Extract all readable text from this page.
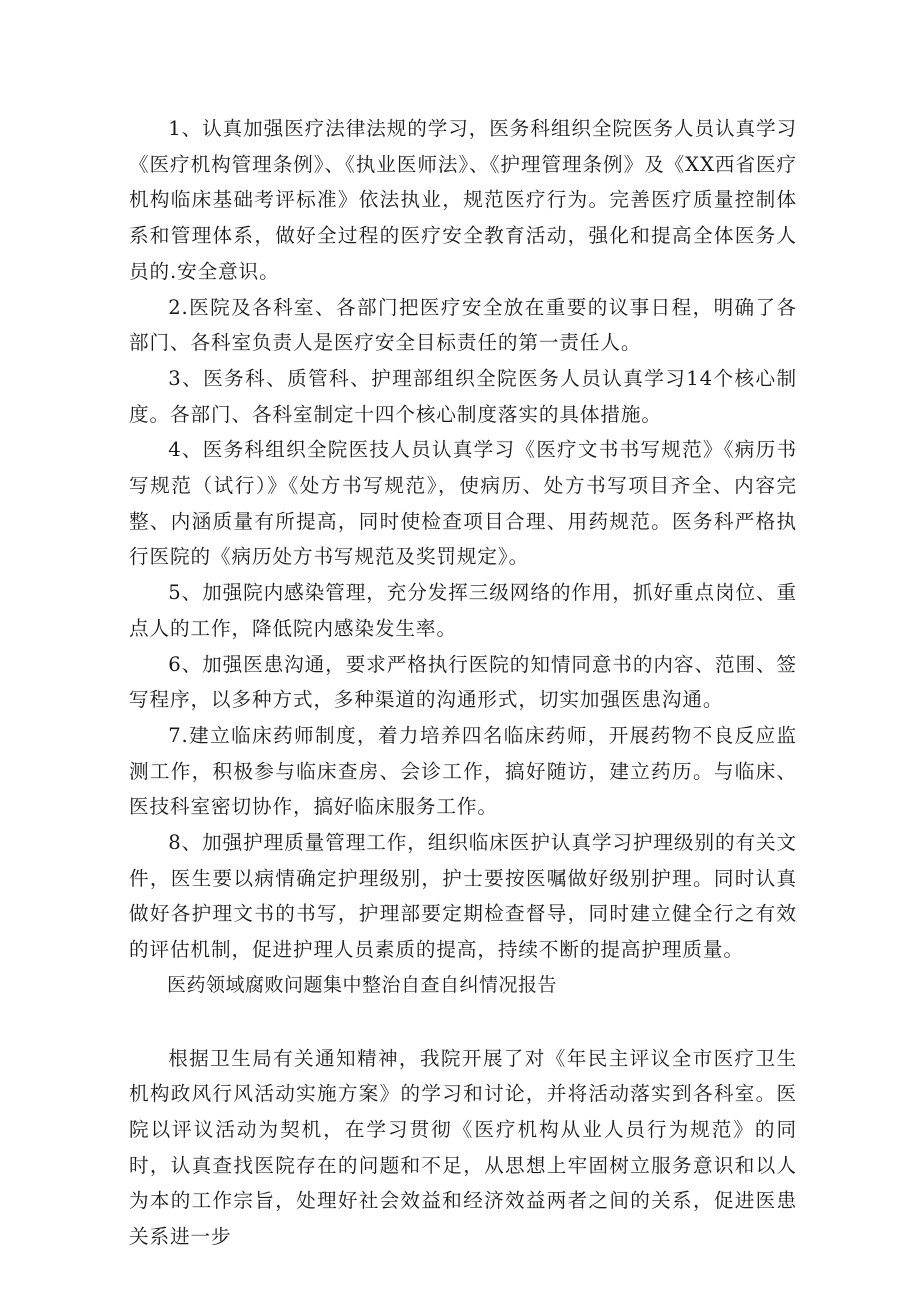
1、认真加强医疗法律法规的学习，医务科组织全院医务人员认真学习《医疗机构管理条例》、《执业医师法》、《护理管理条例》及《XX西省医疗机构临床基础考评标准》依法执业，规范医疗行为。完善医疗质量控制体系和管理体系，做好全过程的医疗安全教育活动，强化和提高全体医务人员的.安全意识。

2.医院及各科室、各部门把医疗安全放在重要的议事日程，明确了各部门、各科室负责人是医疗安全目标责任的第一责任人。

3、医务科、质管科、护理部组织全院医务人员认真学习14个核心制度。各部门、各科室制定十四个核心制度落实的具体措施。

4、医务科组织全院医技人员认真学习《医疗文书书写规范》《病历书写规范（试行）》《处方书写规范》，使病历、处方书写项目齐全、内容完整、内涵质量有所提高，同时使检查项目合理、用药规范。医务科严格执行医院的《病历处方书写规范及奖罚规定》。

5、加强院内感染管理，充分发挥三级网络的作用，抓好重点岗位、重点人的工作，降低院内感染发生率。

6、加强医患沟通，要求严格执行医院的知情同意书的内容、范围、签写程序，以多种方式，多种渠道的沟通形式，切实加强医患沟通。

7.建立临床药师制度，着力培养四名临床药师，开展药物不良反应监测工作，积极参与临床查房、会诊工作，搞好随访，建立药历。与临床、医技科室密切协作，搞好临床服务工作。

8、加强护理质量管理工作，组织临床医护认真学习护理级别的有关文件，医生要以病情确定护理级别，护士要按医嘱做好级别护理。同时认真做好各护理文书的书写，护理部要定期检查督导，同时建立健全行之有效的评估机制，促进护理人员素质的提高，持续不断的提高护理质量。

医药领域腐败问题集中整治自查自纠情况报告

根据卫生局有关通知精神，我院开展了对《年民主评议全市医疗卫生机构政风行风活动实施方案》的学习和讨论，并将活动落实到各科室。医院以评议活动为契机，在学习贯彻《医疗机构从业人员行为规范》的同时，认真查找医院存在的问题和不足，从思想上牢固树立服务意识和以人为本的工作宗旨，处理好社会效益和经济效益两者之间的关系，促进医患关系进一步
